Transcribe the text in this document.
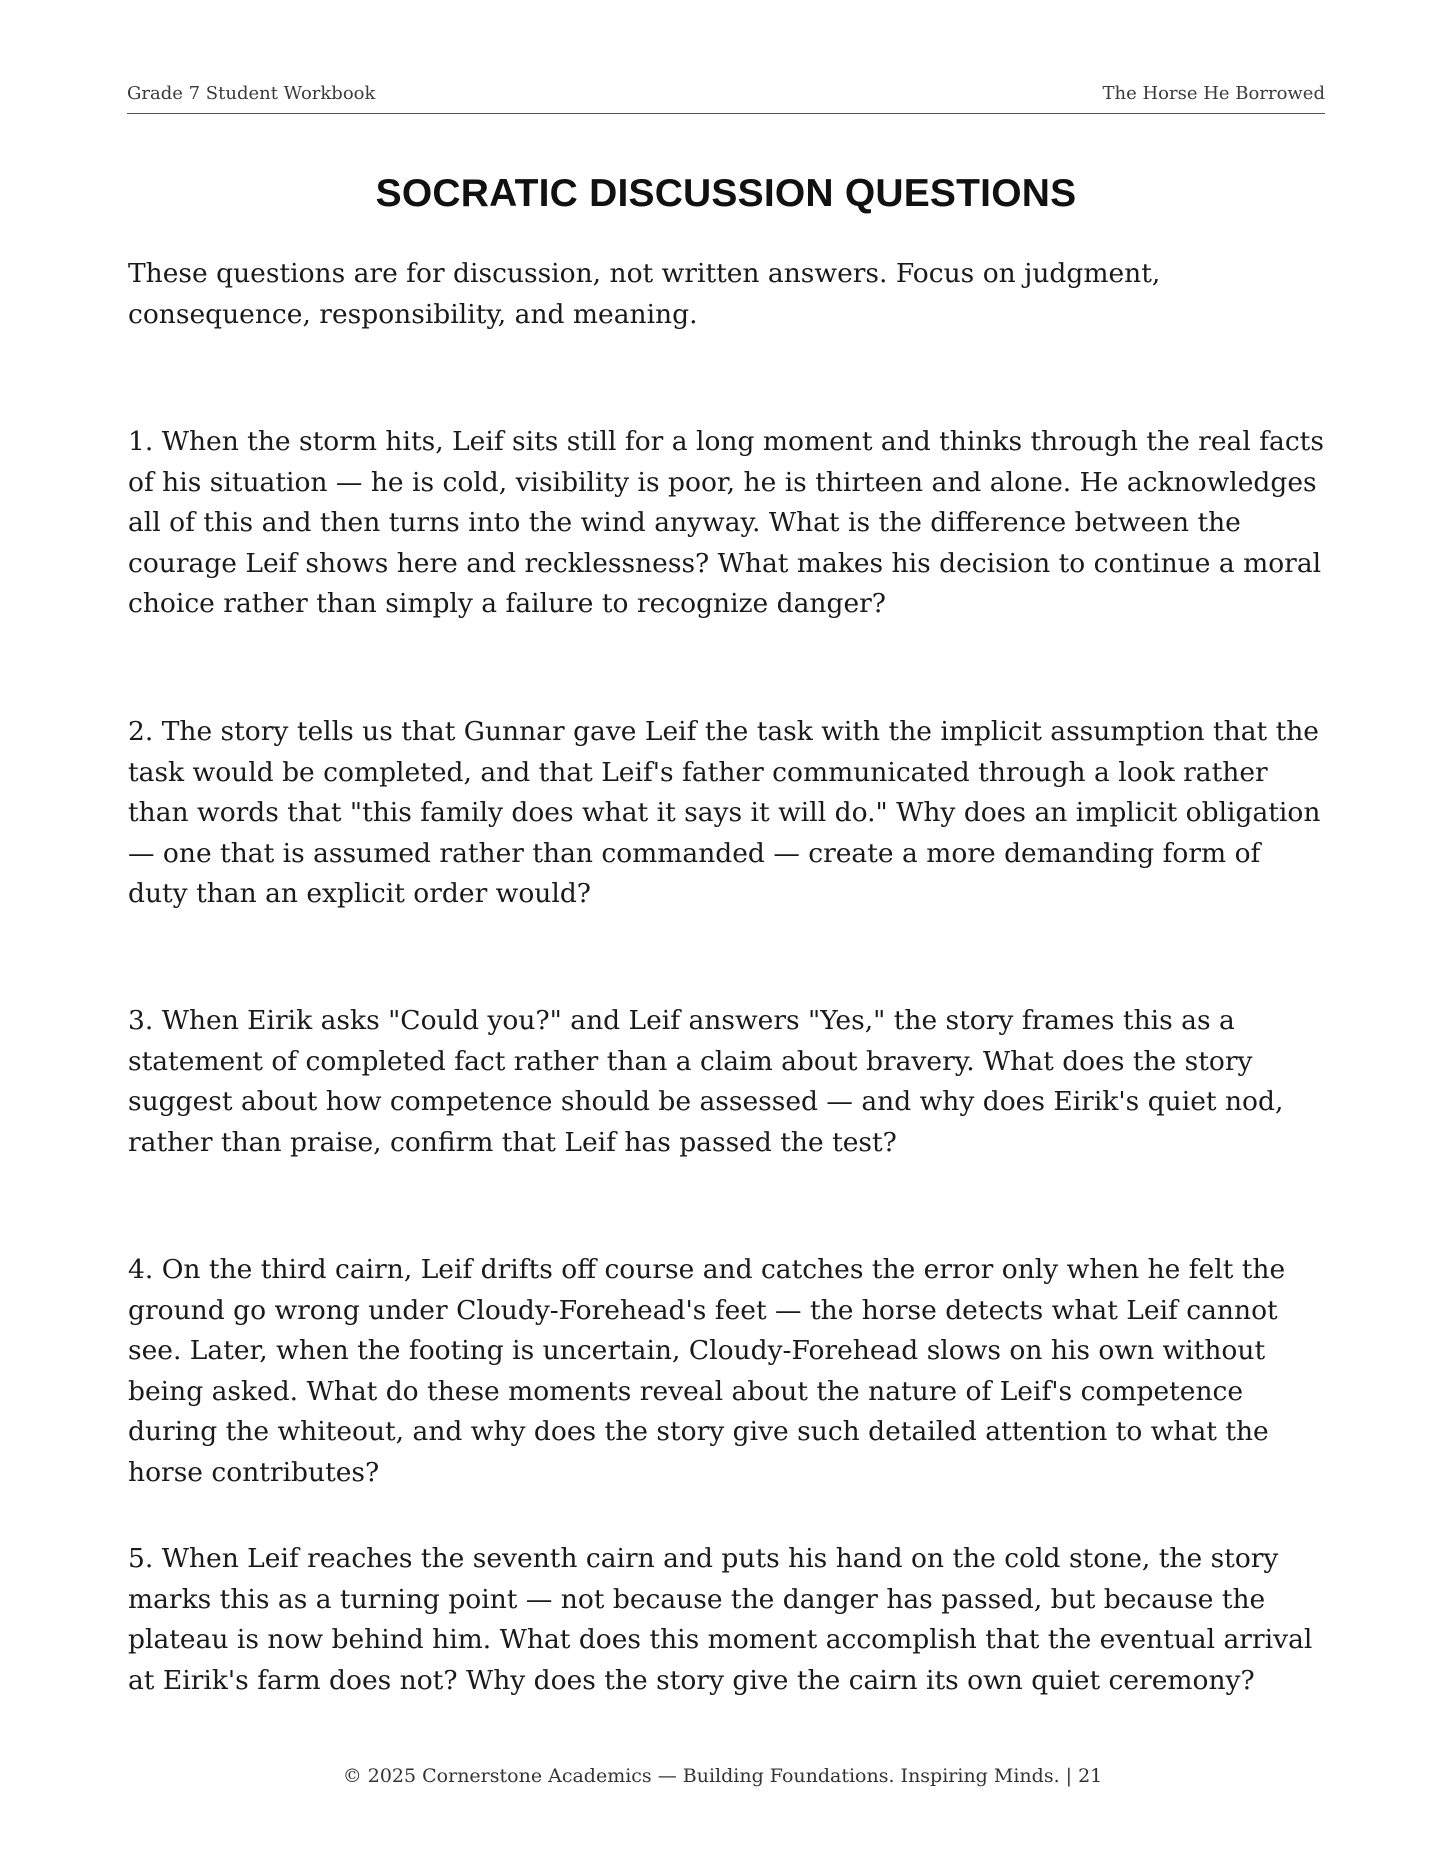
Grade 7 Student Workbook	The Horse He Borrowed
SOCRATIC DISCUSSION QUESTIONS

These questions are for discussion, not written answers. Focus on judgment, consequence, responsibility, and meaning.

1. When the storm hits, Leif sits still for a long moment and thinks through the real facts of his situation — he is cold, visibility is poor, he is thirteen and alone. He acknowledges all of this and then turns into the wind anyway. What is the difference between the courage Leif shows here and recklessness? What makes his decision to continue a moral choice rather than simply a failure to recognize danger?

2. The story tells us that Gunnar gave Leif the task with the implicit assumption that the task would be completed, and that Leif's father communicated through a look rather than words that "this family does what it says it will do." Why does an implicit obligation — one that is assumed rather than commanded — create a more demanding form of duty than an explicit order would?

3. When Eirik asks "Could you?" and Leif answers "Yes," the story frames this as a statement of completed fact rather than a claim about bravery. What does the story suggest about how competence should be assessed — and why does Eirik's quiet nod, rather than praise, confirm that Leif has passed the test?

4. On the third cairn, Leif drifts off course and catches the error only when he felt the ground go wrong under Cloudy-Forehead's feet — the horse detects what Leif cannot see. Later, when the footing is uncertain, Cloudy-Forehead slows on his own without being asked. What do these moments reveal about the nature of Leif's competence during the whiteout, and why does the story give such detailed attention to what the horse contributes?

5. When Leif reaches the seventh cairn and puts his hand on the cold stone, the story marks this as a turning point — not because the danger has passed, but because the plateau is now behind him. What does this moment accomplish that the eventual arrival at Eirik's farm does not? Why does the story give the cairn its own quiet ceremony?

© 2025 Cornerstone Academics — Building Foundations. Inspiring Minds. | 21
